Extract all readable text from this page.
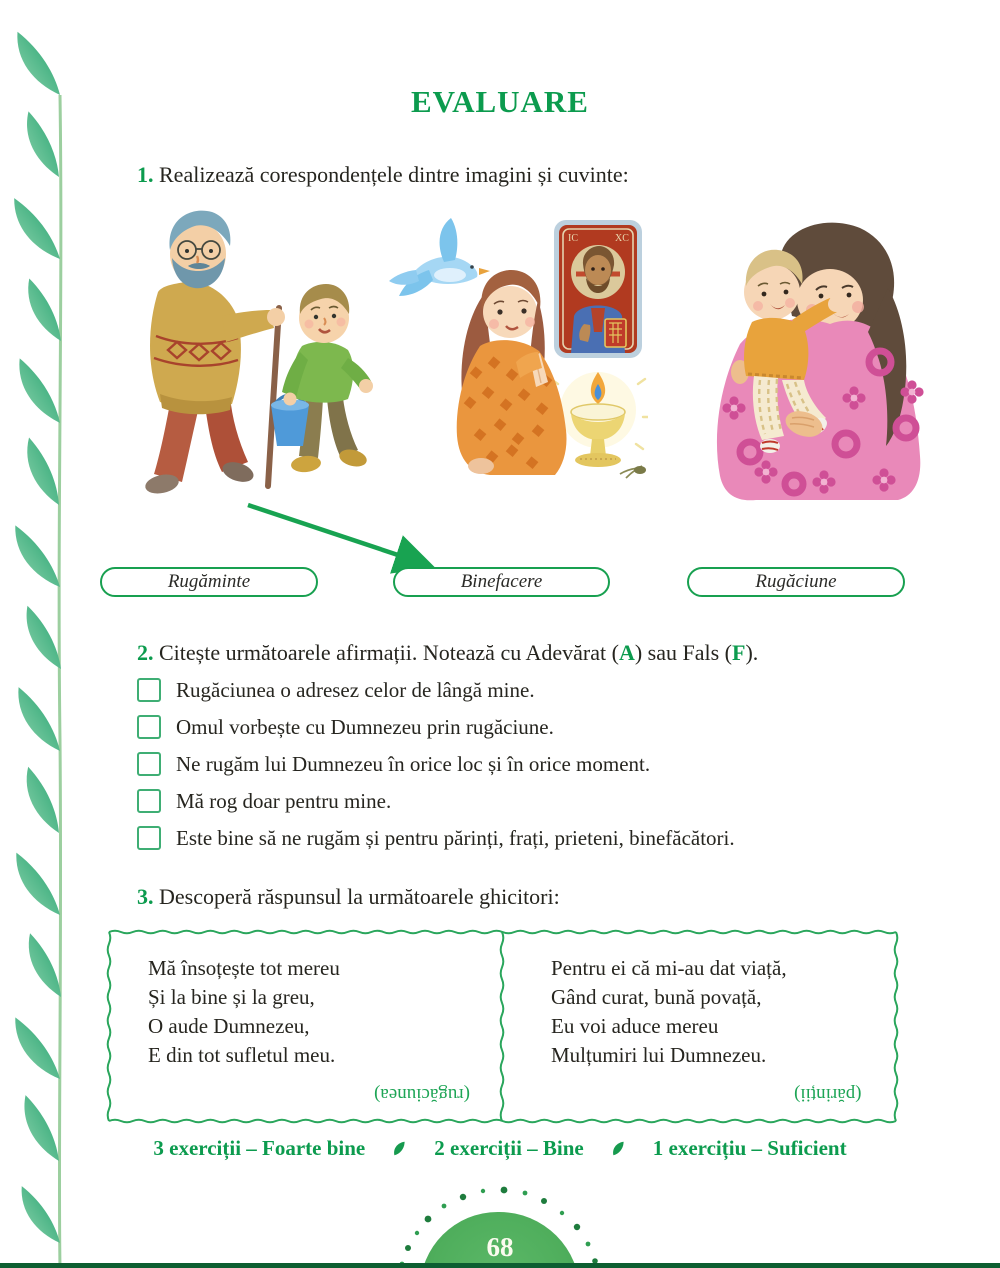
EVALUARE
1. Realizează corespondențele dintre imagini și cuvinte:
IC	XC
Rugăminte	Binefacere	Rugăciune
2. Citește următoarele afirmații. Notează cu Adevărat (A) sau Fals (F).
Rugăciunea o adresez celor de lângă mine.
Omul vorbește cu Dumnezeu prin rugăciune.
Ne rugăm lui Dumnezeu în orice loc și în orice moment.
Mă rog doar pentru mine.
Este bine să ne rugăm și pentru părinți, frați, prieteni, binefăcători.
3. Descoperă răspunsul la următoarele ghicitori:
Mă însoțește tot mereu
Și la bine și la greu,
O aude Dumnezeu,
E din tot sufletul meu.
(rugăciunea)
Pentru ei că mi-au dat viață,
Gând curat, bună povață,
Eu voi aduce mereu
Mulțumiri lui Dumnezeu.
(părinții)
3 exerciții – Foarte bine	2 exerciții – Bine	1 exercițiu – Suficient
68
